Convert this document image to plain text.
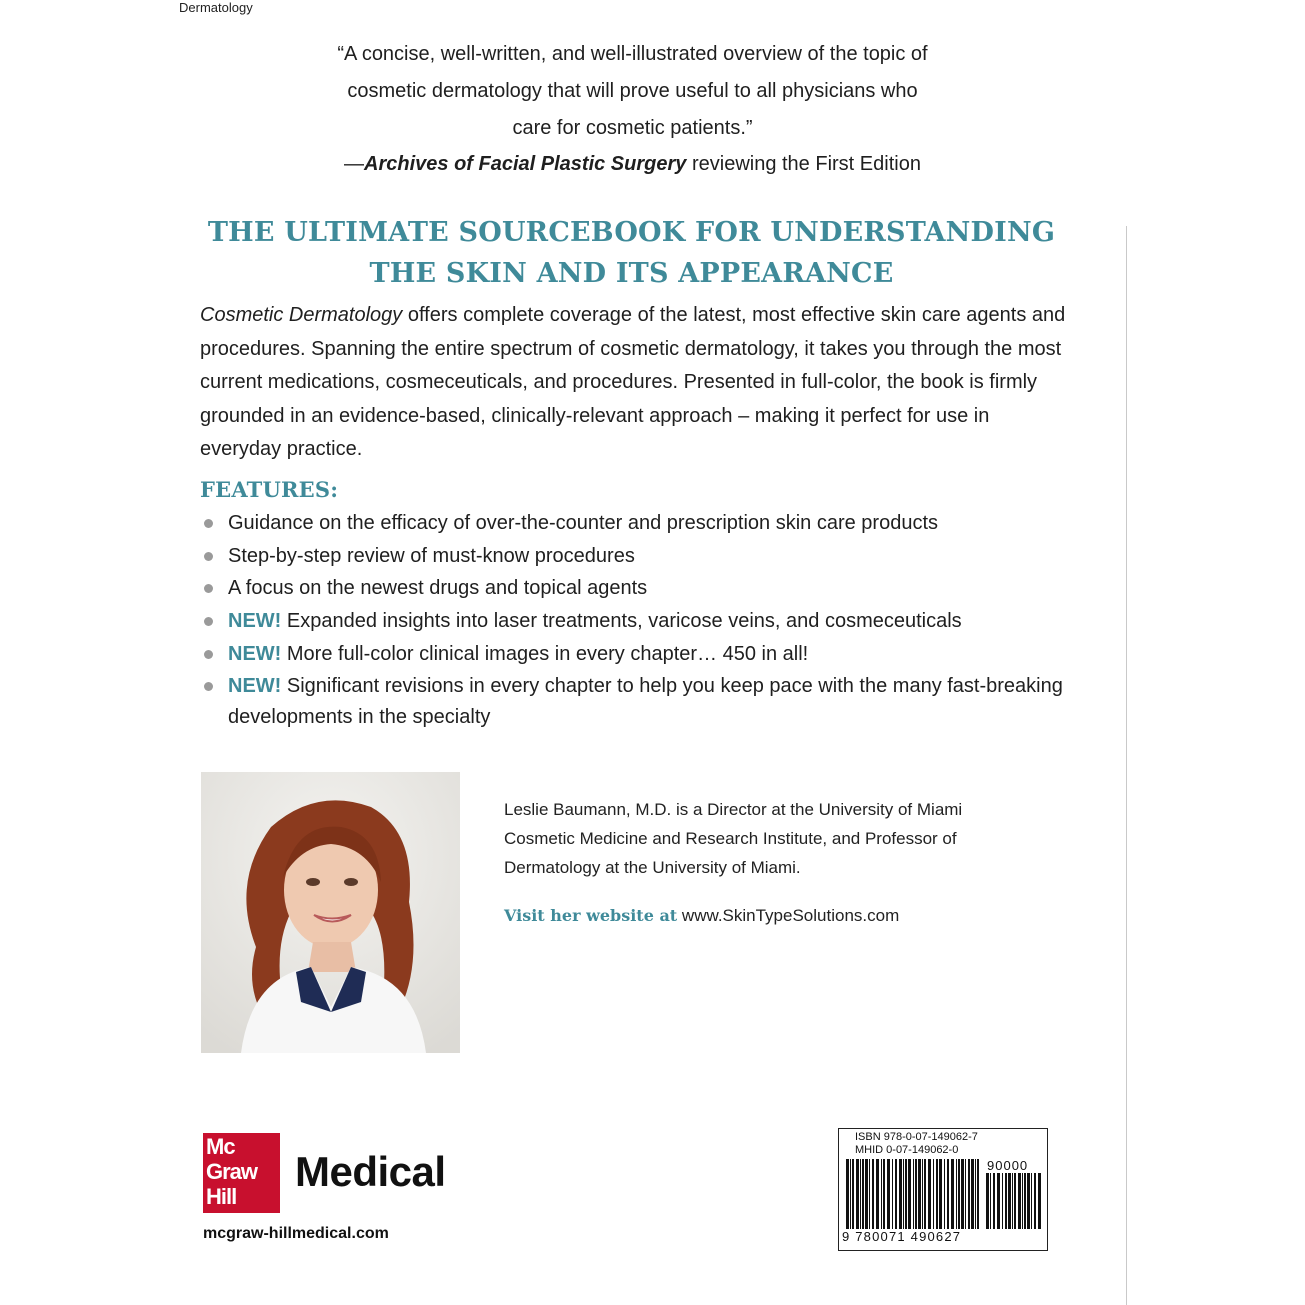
Dermatology
“A concise, well-written, and well-illustrated overview of the topic of
cosmetic dermatology that will prove useful to all physicians who
care for cosmetic patients.”
—Archives of Facial Plastic Surgery reviewing the First Edition
THE ULTIMATE SOURCEBOOK FOR UNDERSTANDING
THE SKIN AND ITS APPEARANCE
Cosmetic Dermatology offers complete coverage of the latest, most effective skin care agents and procedures. Spanning the entire spectrum of cosmetic dermatology, it takes you through the most current medications, cosmeceuticals, and procedures. Presented in full-color, the book is firmly grounded in an evidence-based, clinically-relevant approach – making it perfect for use in everyday practice.
FEATURES:
Guidance on the efficacy of over-the-counter and prescription skin care products
Step-by-step review of must-know procedures
A focus on the newest drugs and topical agents
NEW! Expanded insights into laser treatments, varicose veins, and cosmeceuticals
NEW! More full-color clinical images in every chapter… 450 in all!
NEW! Significant revisions in every chapter to help you keep pace with the many fast-breaking developments in the specialty
Leslie Baumann, M.D. is a Director at the University of Miami Cosmetic Medicine and Research Institute, and Professor of Dermatology at the University of Miami.
Visit her website at www.SkinTypeSolutions.com
Mc
Graw
Hill
Medical
mcgraw-hillmedical.com
ISBN 978-0-07-149062-7
MHID 0-07-149062-0
90000
9 780071 490627
